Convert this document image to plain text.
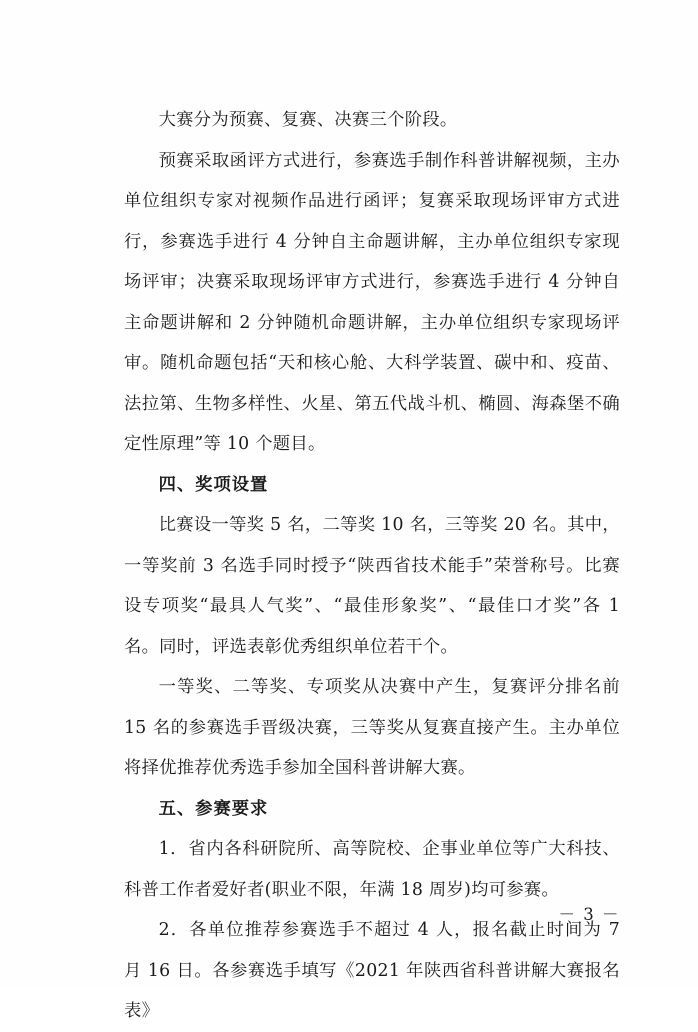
大赛分为预赛、复赛、决赛三个阶段。

预赛采取函评方式进行，参赛选手制作科普讲解视频，主办单位组织专家对视频作品进行函评；复赛采取现场评审方式进行，参赛选手进行 4 分钟自主命题讲解，主办单位组织专家现场评审；决赛采取现场评审方式进行，参赛选手进行 4 分钟自主命题讲解和 2 分钟随机命题讲解，主办单位组织专家现场评审。随机命题包括“天和核心舱、大科学装置、碳中和、疫苗、法拉第、生物多样性、火星、第五代战斗机、椭圆、海森堡不确定性原理”等 10 个题目。

四、奖项设置

比赛设一等奖 5 名，二等奖 10 名，三等奖 20 名。其中，一等奖前 3 名选手同时授予“陕西省技术能手”荣誉称号。比赛设专项奖“最具人气奖”、“最佳形象奖”、“最佳口才奖”各 1 名。同时，评选表彰优秀组织单位若干个。

一等奖、二等奖、专项奖从决赛中产生，复赛评分排名前 15 名的参赛选手晋级决赛，三等奖从复赛直接产生。主办单位将择优推荐优秀选手参加全国科普讲解大赛。

五、参赛要求

1．省内各科研院所、高等院校、企事业单位等广大科技、科普工作者爱好者(职业不限，年满 18 周岁)均可参赛。

2．各单位推荐参赛选手不超过 4 人，报名截止时间为 7 月 16 日。各参赛选手填写《2021 年陕西省科普讲解大赛报名表》

－ 3 －
